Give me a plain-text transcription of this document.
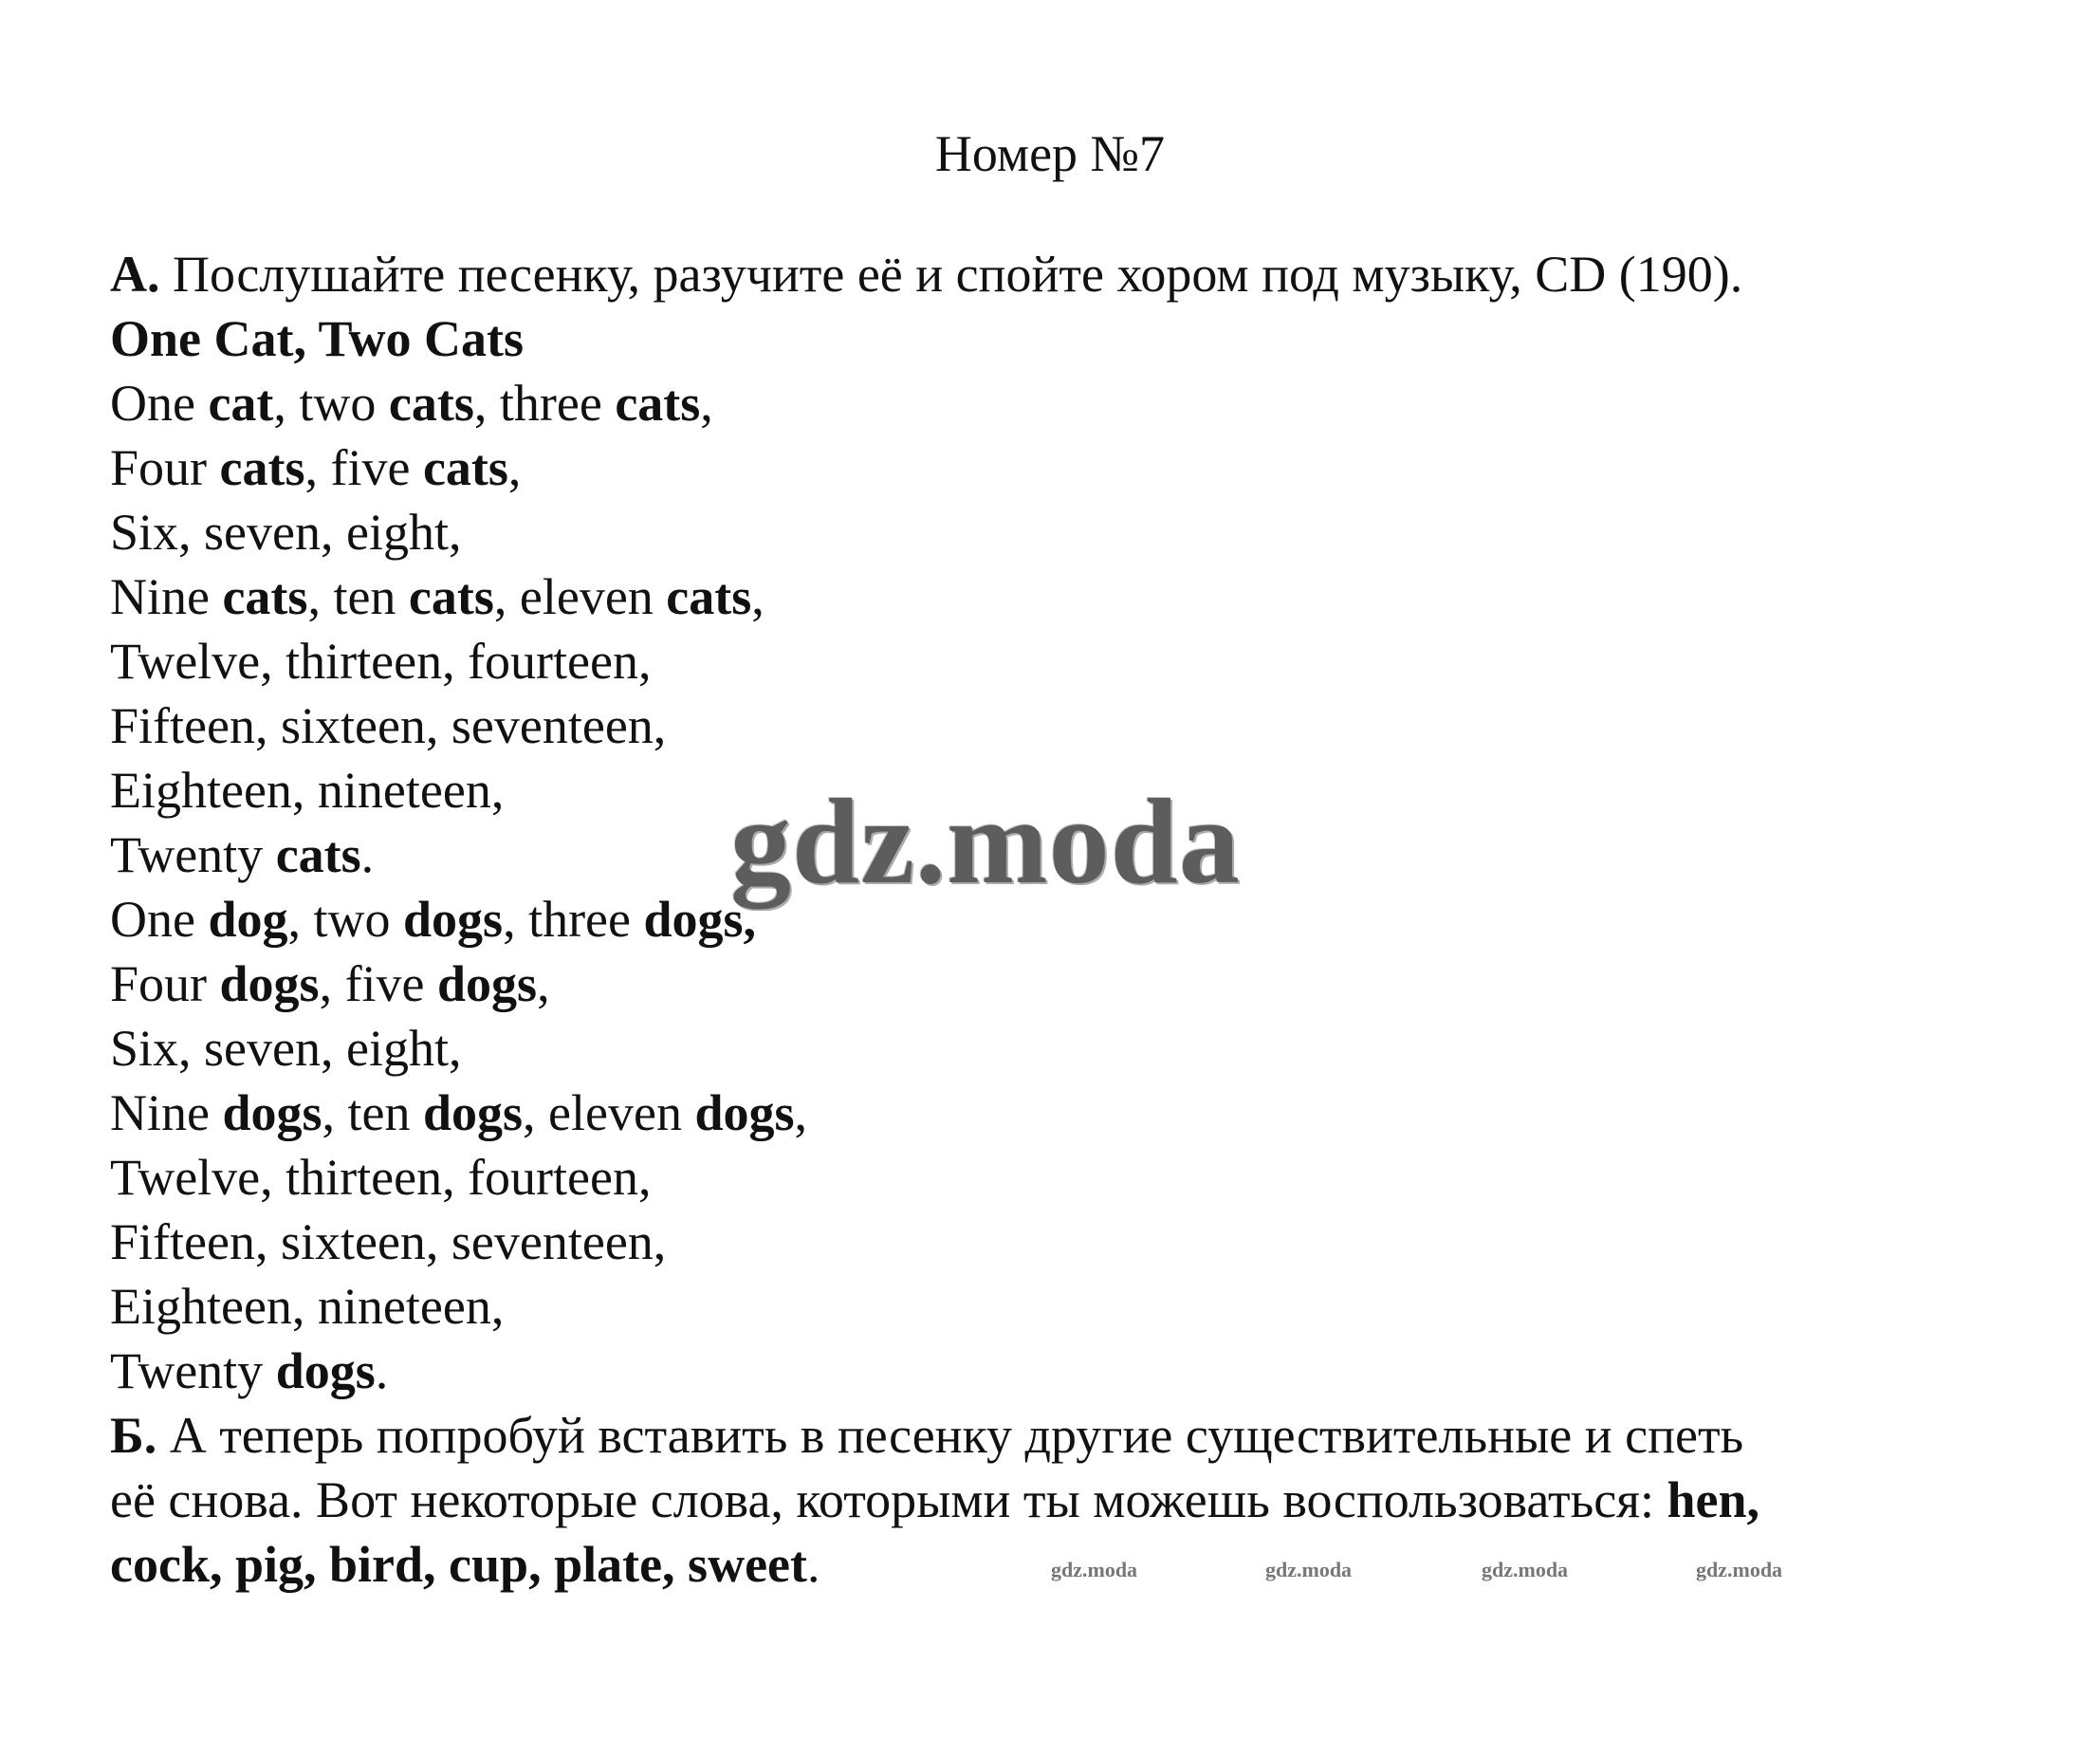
Номер №7
А. Послушайте песенку, разучите её и спойте хором под музыку, CD (190).
One Cat, Two Cats
One cat, two cats, three cats,
Four cats, five cats,
Six, seven, eight,
Nine cats, ten cats, eleven cats,
Twelve, thirteen, fourteen,
Fifteen, sixteen, seventeen,
Eighteen, nineteen,
Twenty cats.
One dog, two dogs, three dogs,
Four dogs, five dogs,
Six, seven, eight,
Nine dogs, ten dogs, eleven dogs,
Twelve, thirteen, fourteen,
Fifteen, sixteen, seventeen,
Eighteen, nineteen,
Twenty dogs.
Б. А теперь попробуй вставить в песенку другие существительные и спеть
её снова. Вот некоторые слова, которыми ты можешь воспользоваться: hen,
cock, pig, bird, cup, plate, sweet.
gdz.moda
gdz.moda	gdz.moda	gdz.moda	gdz.moda
